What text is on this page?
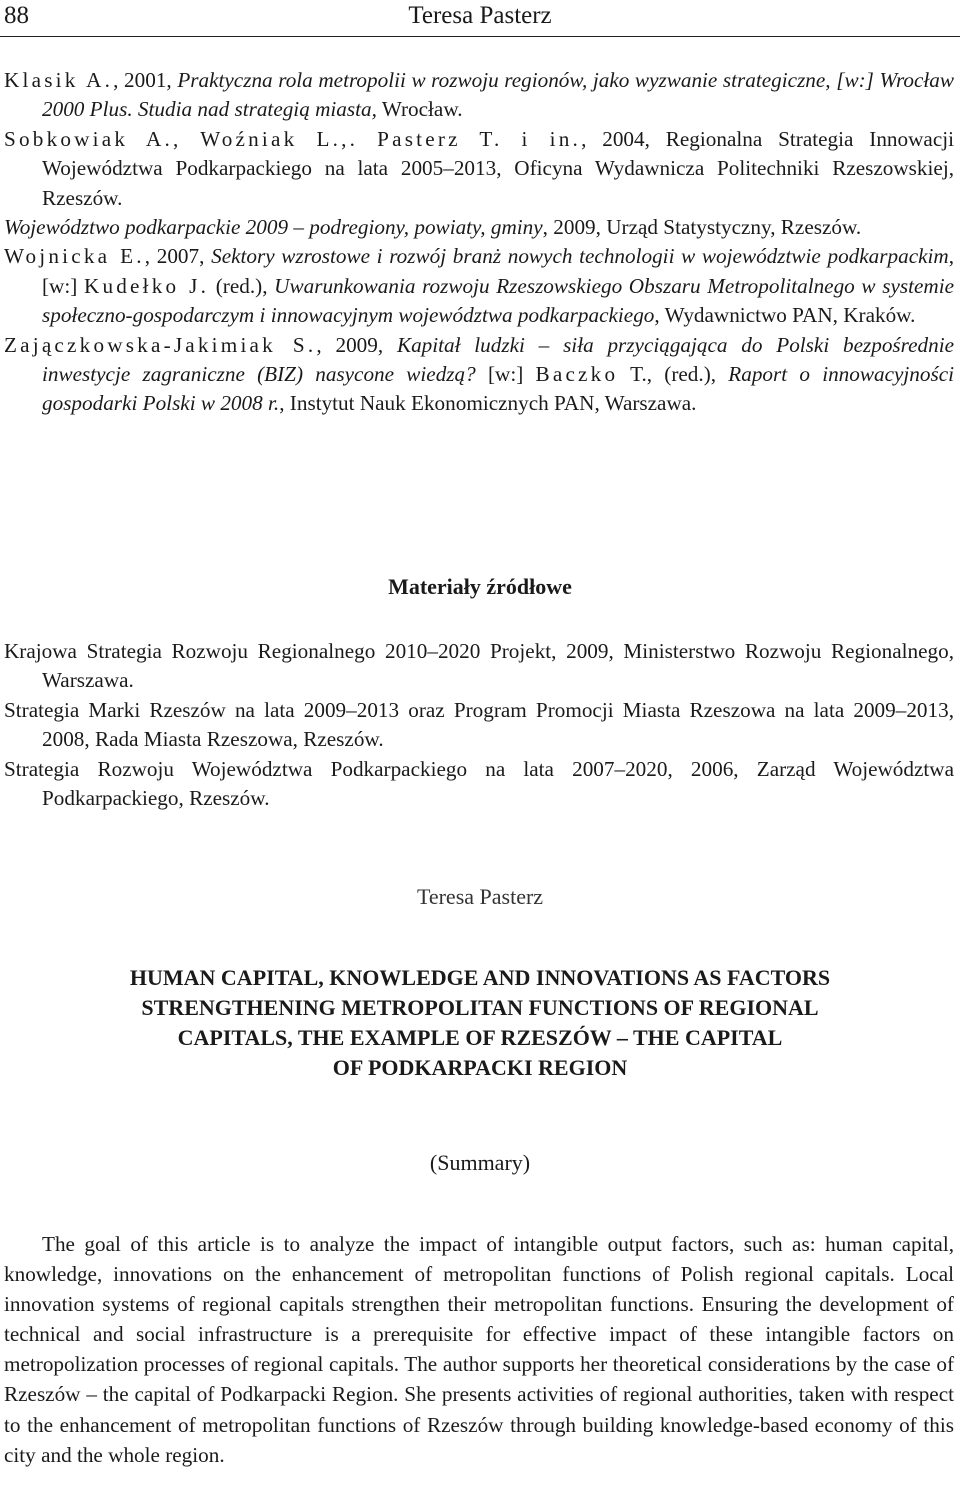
88	Teresa Pasterz
Klasik A., 2001, Praktyczna rola metropolii w rozwoju regionów, jako wyzwanie strategiczne, [w:] Wrocław 2000 Plus. Studia nad strategią miasta, Wrocław.
Sobkowiak A., Woźniak L.,. Pasterz T. i in., 2004, Regionalna Strategia Innowacji Województwa Podkarpackiego na lata 2005–2013, Oficyna Wydawnicza Politechniki Rzeszowskiej, Rzeszów.
Województwo podkarpackie 2009 – podregiony, powiaty, gminy, 2009, Urząd Statystyczny, Rzeszów.
Wojnicka E., 2007, Sektory wzrostowe i rozwój branż nowych technologii w województwie podkarpackim, [w:] Kudełko J. (red.), Uwarunkowania rozwoju Rzeszowskiego Obszaru Metropolitalnego w systemie społeczno-gospodarczym i innowacyjnym województwa podkarpackiego, Wydawnictwo PAN, Kraków.
Zajączkowska-Jakimiak S., 2009, Kapitał ludzki – siła przyciągająca do Polski bezpośrednie inwestycje zagraniczne (BIZ) nasycone wiedzą? [w:] Baczko T., (red.), Raport o innowacyjności gospodarki Polski w 2008 r., Instytut Nauk Ekonomicznych PAN, Warszawa.
Materiały źródłowe
Krajowa Strategia Rozwoju Regionalnego 2010–2020 Projekt, 2009, Ministerstwo Rozwoju Regionalnego, Warszawa.
Strategia Marki Rzeszów na lata 2009–2013 oraz Program Promocji Miasta Rzeszowa na lata 2009–2013, 2008, Rada Miasta Rzeszowa, Rzeszów.
Strategia Rozwoju Województwa Podkarpackiego na lata 2007–2020, 2006, Zarząd Województwa Podkarpackiego, Rzeszów.
Teresa Pasterz
HUMAN CAPITAL, KNOWLEDGE AND INNOVATIONS AS FACTORS
STRENGTHENING METROPOLITAN FUNCTIONS OF REGIONAL
CAPITALS, THE EXAMPLE OF RZESZÓW – THE CAPITAL
OF PODKARPACKI REGION
(Summary)
The goal of this article is to analyze the impact of intangible output factors, such as: human capital, knowledge, innovations on the enhancement of metropolitan functions of Polish regional capitals. Local innovation systems of regional capitals strengthen their metropolitan functions. Ensuring the development of technical and social infrastructure is a prerequisite for effective impact of these intangible factors on metropolization processes of regional capitals. The author supports her theoretical considerations by the case of Rzeszów – the capital of Podkarpacki Region. She presents activities of regional authorities, taken with respect to the enhancement of metropolitan functions of Rzeszów through building knowledge-based economy of this city and the whole region.
